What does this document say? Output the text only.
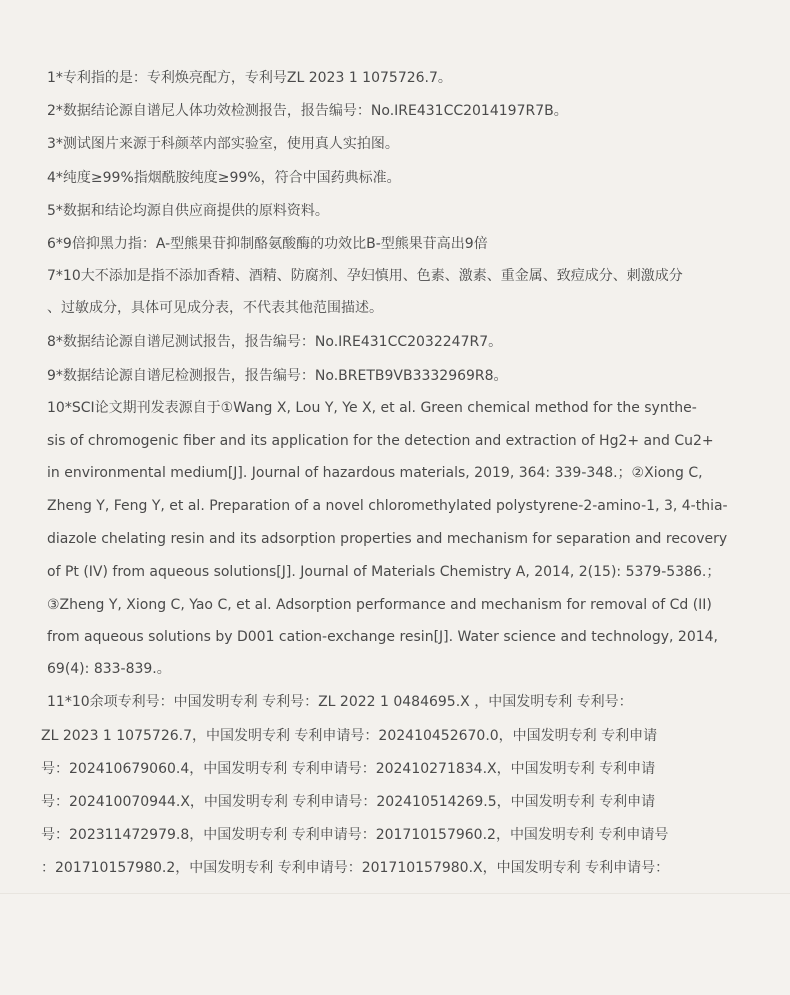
1*专利指的是：专利焕亮配方，专利号ZL 2023 1 1075726.7。
2*数据结论源自谱尼人体功效检测报告，报告编号：No.IRE431CC2014197R7B。
3*测试图片来源于科颜萃内部实验室，使用真人实拍图。
4*纯度≥99%指烟酰胺纯度≥99%，符合中国药典标准。
5*数据和结论均源自供应商提供的原料资料。
6*9倍抑黑力指：A-型熊果苷抑制酪氨酸酶的功效比B-型熊果苷高出9倍
7*10大不添加是指不添加香精、酒精、防腐剂、孕妇慎用、色素、激素、重金属、致痘成分、刺激成分
、过敏成分，具体可见成分表，不代表其他范围描述。
8*数据结论源自谱尼测试报告，报告编号：No.IRE431CC2032247R7。
9*数据结论源自谱尼检测报告，报告编号：No.BRETB9VB3332969R8。
10*SCI论文期刊发表源自于①Wang X, Lou Y, Ye X, et al. Green chemical method for the synthe-
sis of chromogenic fiber and its application for the detection and extraction of Hg2+ and Cu2+
in environmental medium[J]. Journal of hazardous materials, 2019, 364: 339-348.；②Xiong C,
Zheng Y, Feng Y, et al. Preparation of a novel chloromethylated polystyrene-2-amino-1, 3, 4-thia-
diazole chelating resin and its adsorption properties and mechanism for separation and recovery
of Pt (IV) from aqueous solutions[J]. Journal of Materials Chemistry A, 2014, 2(15): 5379-5386.；
③Zheng Y, Xiong C, Yao C, et al. Adsorption performance and mechanism for removal of Cd (II)
from aqueous solutions by D001 cation-exchange resin[J]. Water science and technology, 2014,
69(4): 833-839.。
11*10余项专利号：中国发明专利 专利号：ZL 2022 1 0484695.X ，中国发明专利 专利号：
ZL 2023 1 1075726.7，中国发明专利 专利申请号：202410452670.0，中国发明专利 专利申请
号：202410679060.4，中国发明专利 专利申请号：202410271834.X，中国发明专利 专利申请
号：202410070944.X，中国发明专利 专利申请号：202410514269.5，中国发明专利 专利申请
号：202311472979.8，中国发明专利 专利申请号：201710157960.2，中国发明专利 专利申请号
：201710157980.2，中国发明专利 专利申请号：201710157980.X，中国发明专利 专利申请号：
